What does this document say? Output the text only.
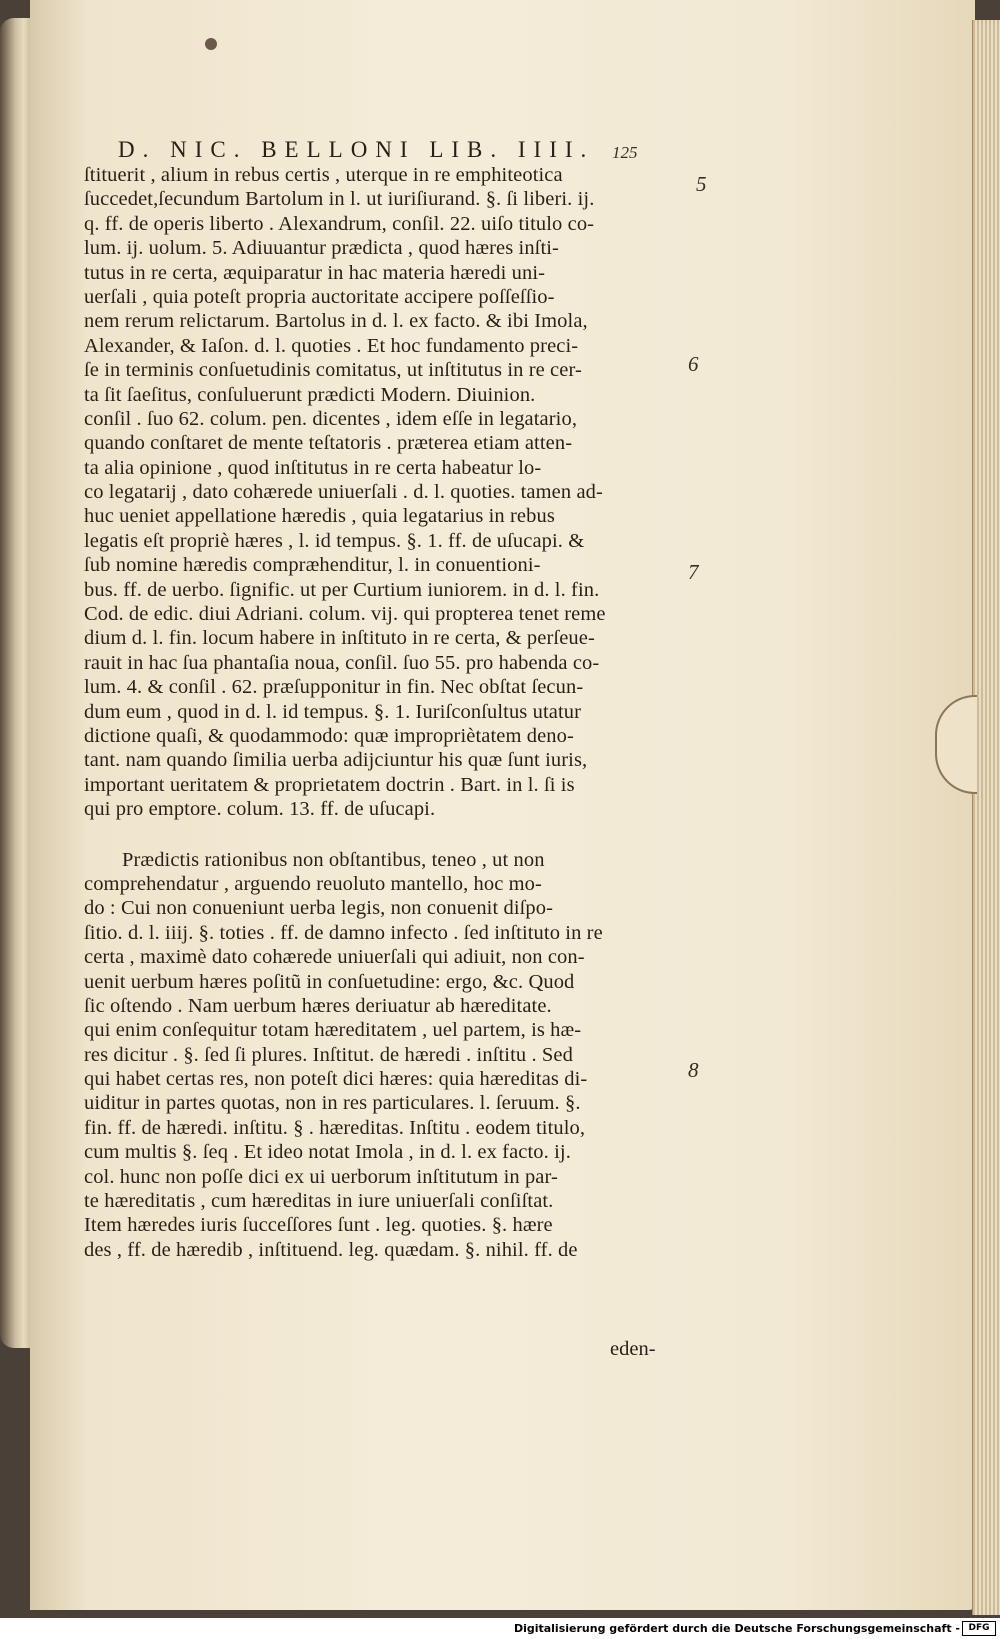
D. NIC. BELLONI LIB. IIII.	125
ſtituerit , alium in rebus certis , uterque in re emphiteotica
ſuccedet,ſecundum Bartolum in l. ut iuriſiurand. §. ſi liberi. ij.
q. ff. de operis liberto . Alexandrum, conſil. 22. uiſo titulo co-
lum. ij. uolum. 5. Adiuuantur prædicta , quod hæres inſti-
tutus in re certa, æquiparatur in hac materia hæredi uni-
uerſali , quia poteſt propria auctoritate accipere poſſeſſio-
nem rerum relictarum. Bartolus in d. l. ex facto. & ibi Imola,
Alexander, & Iaſon. d. l. quoties . Et hoc fundamento preci-
ſe in terminis conſuetudinis comitatus, ut inſtitutus in re cer-
ta ſit ſaeſitus, conſuluerunt prædicti Modern. Diuinion.
conſil . ſuo 62. colum. pen. dicentes , idem eſſe in legatario,
quando conſtaret de mente teſtatoris . præterea etiam atten-
ta alia opinione , quod inſtitutus in re certa habeatur lo-
co legatarij , dato cohærede uniuerſali . d. l. quoties. tamen ad-
huc ueniet appellatione hæredis , quia legatarius in rebus
legatis eſt propriè hæres , l. id tempus. §. 1. ff. de uſucapi. &
ſub nomine hæredis compræhenditur, l. in conuentioni-
bus. ff. de uerbo. ſignific. ut per Curtium iuniorem. in d. l. fin.
Cod. de edic. diui Adriani. colum. vij. qui propterea tenet reme
dium d. l. fin. locum habere in inſtituto in re certa, & perſeue-
rauit in hac ſua phantaſia noua, conſil. ſuo 55. pro habenda co-
lum. 4. & conſil . 62. præſupponitur in fin. Nec obſtat ſecun-
dum eum , quod in d. l. id tempus. §. 1. Iuriſconſultus utatur
dictione quaſi, & quodammodo: quæ impropriètatem deno-
tant. nam quando ſimilia uerba adijciuntur his quæ ſunt iuris,
important ueritatem & proprietatem doctrin . Bart. in l. ſi is
qui pro emptore. colum. 13. ff. de uſucapi.
Prædictis rationibus non obſtantibus, teneo , ut non
comprehendatur , arguendo reuoluto mantello, hoc mo-
do : Cui non conueniunt uerba legis, non conuenit diſpo-
ſitio. d. l. iiij. §. toties . ff. de damno infecto . ſed inſtituto in re
certa , maximè dato cohærede uniuerſali qui adiuit, non con-
uenit uerbum hæres poſitũ in conſuetudine: ergo, &c. Quod
ſic oſtendo . Nam uerbum hæres deriuatur ab hæreditate.
qui enim conſequitur totam hæreditatem , uel partem, is hæ-
res dicitur . §. ſed ſi plures. Inſtitut. de hæredi . inſtitu . Sed
qui habet certas res, non poteſt dici hæres: quia hæreditas di-
uiditur in partes quotas, non in res particulares. l. ſeruum. §.
fin. ff. de hæredi. inſtitu. § . hæreditas. Inſtitu . eodem titulo,
cum multis §. ſeq . Et ideo notat Imola , in d. l. ex facto. ij.
col. hunc non poſſe dici ex ui uerborum inſtitutum in par-
te hæreditatis , cum hæreditas in iure uniuerſali conſiſtat.
Item hæredes iuris ſucceſſores ſunt . leg. quoties. §. hære
des , ff. de hæredib , inſtituend. leg. quædam. §. nihil. ff. de
5
6
7
8
eden-
Digitalisierung gefördert durch die Deutsche Forschungsgemeinschaft - DFG
